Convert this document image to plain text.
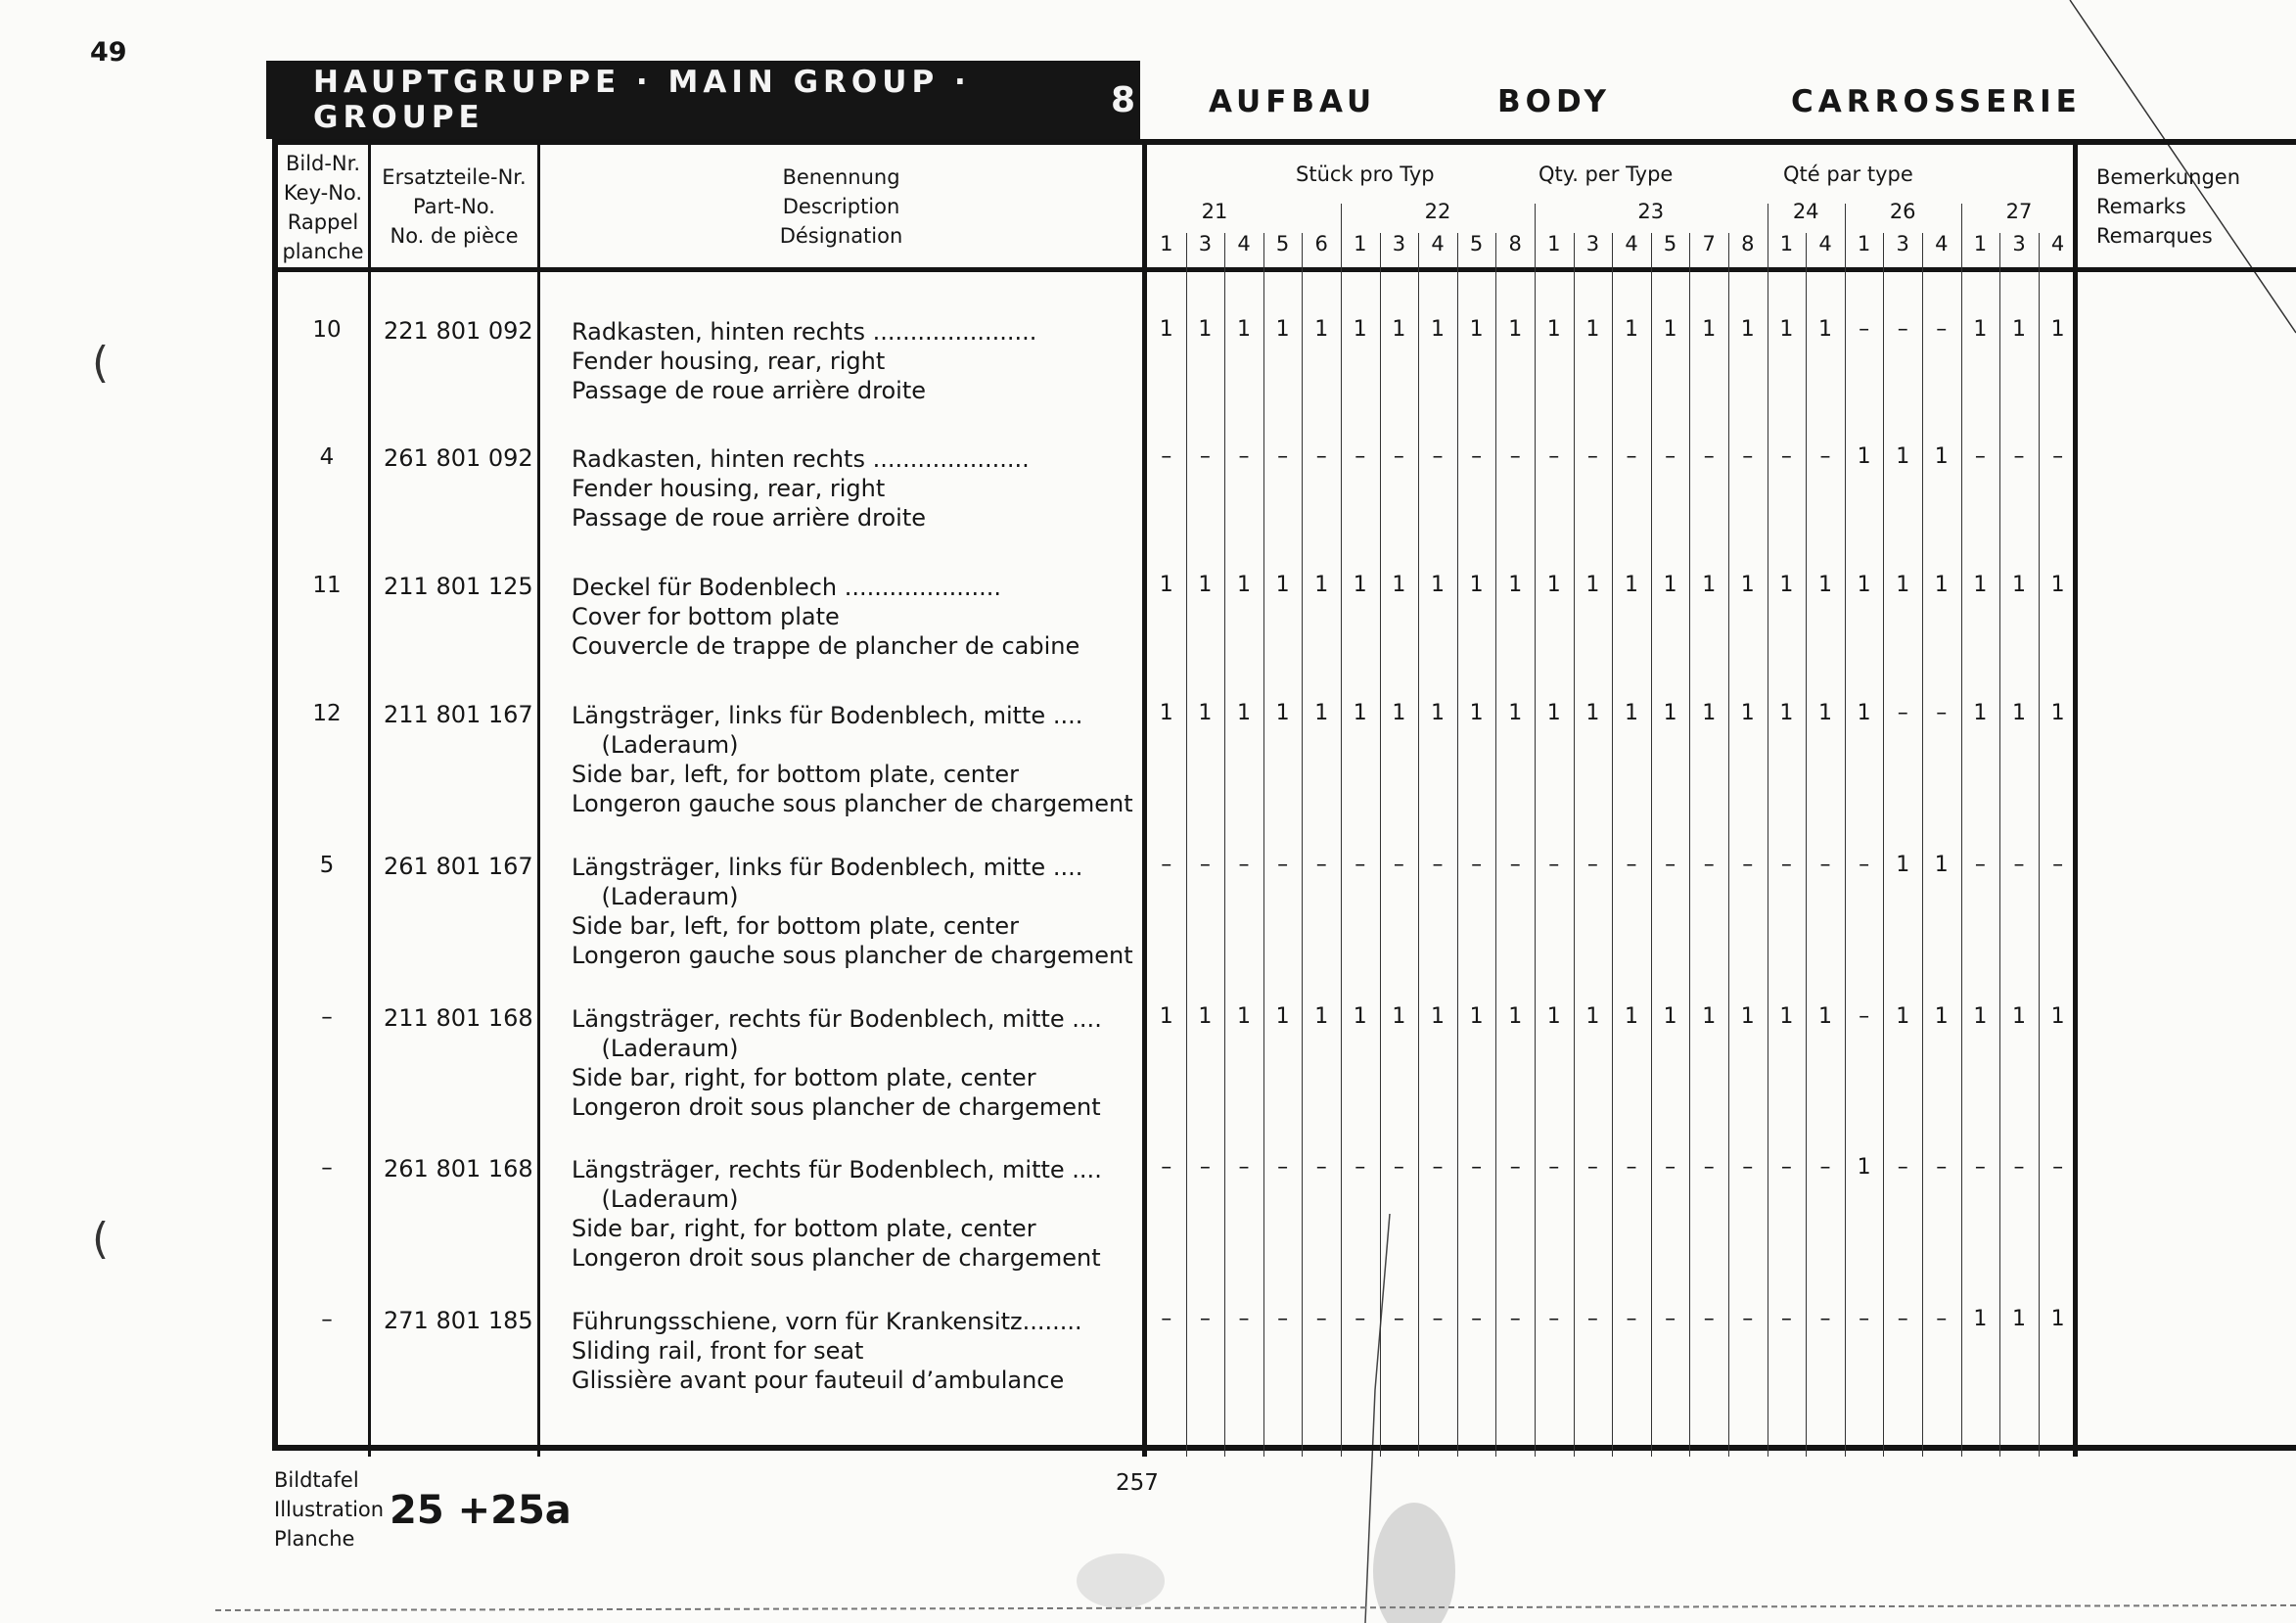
49
(
(
HAUPTGRUPPE · MAIN GROUP · GROUPE	8 AUFBAU	BODY	CARROSSERIE
Bild-Nr.
Key-No.
Rappel
planche
Ersatzteile-Nr.
Part-No.
No. de pièce
Benennung
Description
Désignation
Stück pro Typ	Qty. per Type	Qté par type	Bemerkungen
Remarks
Remarques
21	22	23	24	26	27
1	3	4	5	6	1	3	4	5	8	1	3	4	5	7	8	1	4	1	3	4	1	3	4
10	221 801 092 Radkasten, hinten rechts ......................
Fender housing, rear, right
Passage de roue arrière droite
1	1	1	1	1	1	1	1	1	1	1	1	1	1	1	1	1	1	–	–	–	1	1	1
4	261 801 092 Radkasten, hinten rechts .....................
Fender housing, rear, right
Passage de roue arrière droite
–	–	–	–	–	–	–	–	–	–	–	–	–	–	–	–	–	–	1	1	1	–	–	–
11	211 801 125 Deckel für Bodenblech .....................
Cover for bottom plate
Couvercle de trappe de plancher de cabine
1	1	1	1	1	1	1	1	1	1	1	1	1	1	1	1	1	1	1	1	1	1	1	1
12	211 801 167 Längsträger, links für Bodenblech, mitte ....
(Laderaum)
Side bar, left, for bottom plate, center
Longeron gauche sous plancher de chargement
1	1	1	1	1	1	1	1	1	1	1	1	1	1	1	1	1	1	1	–	–	1	1	1
5	261 801 167 Längsträger, links für Bodenblech, mitte ....
(Laderaum)
Side bar, left, for bottom plate, center
Longeron gauche sous plancher de chargement
–	–	–	–	–	–	–	–	–	–	–	–	–	–	–	–	–	–	–	1	1	–	–	–
–	211 801 168 Längsträger, rechts für Bodenblech, mitte ....
(Laderaum)
Side bar, right, for bottom plate, center
Longeron droit sous plancher de chargement
1	1	1	1	1	1	1	1	1	1	1	1	1	1	1	1	1	1	–	1	1	1	1	1
–	261 801 168 Längsträger, rechts für Bodenblech, mitte ....
(Laderaum)
Side bar, right, for bottom plate, center
Longeron droit sous plancher de chargement
–	–	–	–	–	–	–	–	–	–	–	–	–	–	–	–	–	–	1	–	–	–	–	–
–	271 801 185 Führungsschiene, vorn für Krankensitz........
Sliding rail, front for seat
Glissière avant pour fauteuil d’ambulance
–	–	–	–	–	–	–	–	–	–	–	–	–	–	–	–	–	–	–	–	–	1	1	1
Bildtafel
Illustration
Planche
25 +25a
257
